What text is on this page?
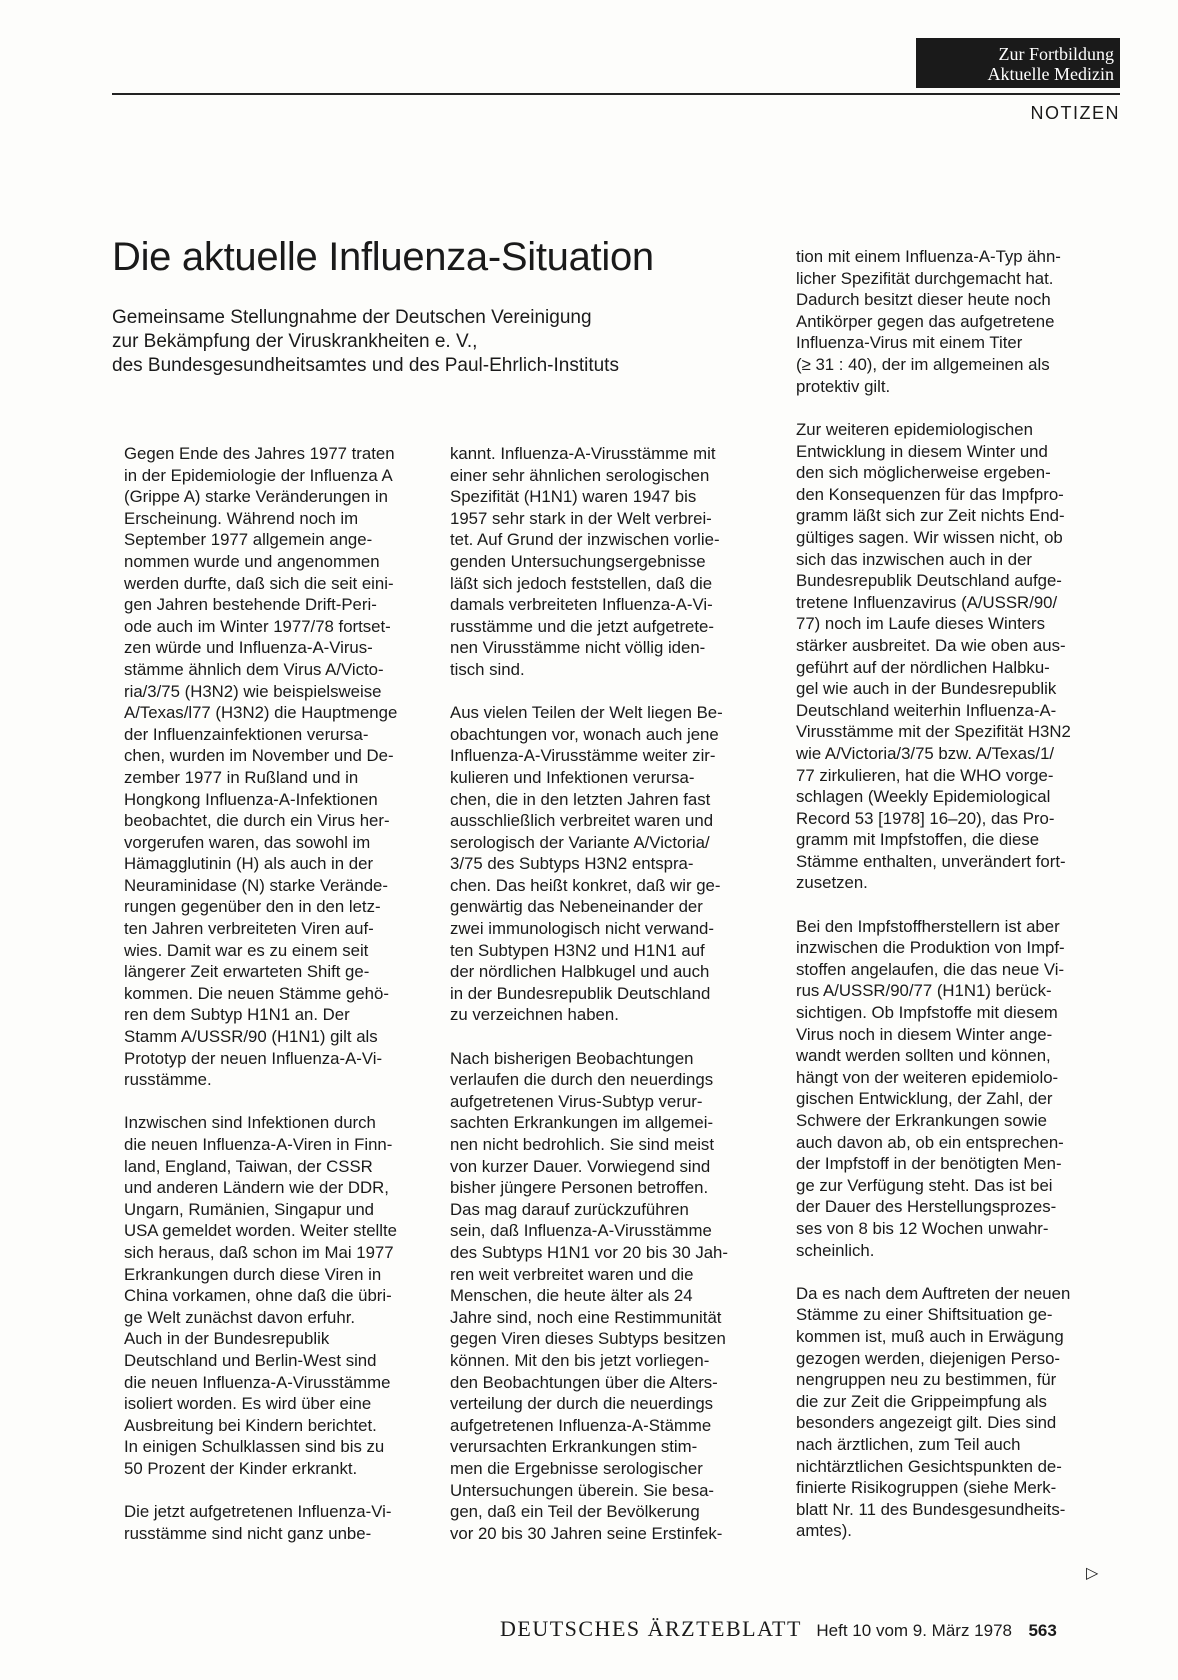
Zur Fortbildung
Aktuelle Medizin
NOTIZEN
Die aktuelle Influenza-Situation
Gemeinsame Stellungnahme der Deutschen Vereinigung
zur Bekämpfung der Viruskrankheiten e. V.,
des Bundesgesundheitsamtes und des Paul-Ehrlich-Instituts

Gegen Ende des Jahres 1977 traten
in der Epidemiologie der Influenza A
(Grippe A) starke Veränderungen in
Erscheinung. Während noch im
September 1977 allgemein ange-
nommen wurde und angenommen
werden durfte, daß sich die seit eini-
gen Jahren bestehende Drift-Peri-
ode auch im Winter 1977/78 fortset-
zen würde und Influenza-A-Virus-
stämme ähnlich dem Virus A/Victo-
ria/3/75 (H3N2) wie beispielsweise
A/Texas/l77 (H3N2) die Hauptmenge
der Influenzainfektionen verursa-
chen, wurden im November und De-
zember 1977 in Rußland und in
Hongkong Influenza-A-Infektionen
beobachtet, die durch ein Virus her-
vorgerufen waren, das sowohl im
Hämagglutinin (H) als auch in der
Neuraminidase (N) starke Verände-
rungen gegenüber den in den letz-
ten Jahren verbreiteten Viren auf-
wies. Damit war es zu einem seit
längerer Zeit erwarteten Shift ge-
kommen. Die neuen Stämme gehö-
ren dem Subtyp H1N1 an. Der
Stamm A/USSR/90 (H1N1) gilt als
Prototyp der neuen Influenza-A-Vi-
russtämme.

Inzwischen sind Infektionen durch
die neuen Influenza-A-Viren in Finn-
land, England, Taiwan, der CSSR
und anderen Ländern wie der DDR,
Ungarn, Rumänien, Singapur und
USA gemeldet worden. Weiter stellte
sich heraus, daß schon im Mai 1977
Erkrankungen durch diese Viren in
China vorkamen, ohne daß die übri-
ge Welt zunächst davon erfuhr.
Auch in der Bundesrepublik
Deutschland und Berlin-West sind
die neuen Influenza-A-Virusstämme
isoliert worden. Es wird über eine
Ausbreitung bei Kindern berichtet.
In einigen Schulklassen sind bis zu
50 Prozent der Kinder erkrankt.

Die jetzt aufgetretenen Influenza-Vi-
russtämme sind nicht ganz unbe-

kannt. Influenza-A-Virusstämme mit
einer sehr ähnlichen serologischen
Spezifität (H1N1) waren 1947 bis
1957 sehr stark in der Welt verbrei-
tet. Auf Grund der inzwischen vorlie-
genden Untersuchungsergebnisse
läßt sich jedoch feststellen, daß die
damals verbreiteten Influenza-A-Vi-
russtämme und die jetzt aufgetrete-
nen Virusstämme nicht völlig iden-
tisch sind.

Aus vielen Teilen der Welt liegen Be-
obachtungen vor, wonach auch jene
Influenza-A-Virusstämme weiter zir-
kulieren und Infektionen verursa-
chen, die in den letzten Jahren fast
ausschließlich verbreitet waren und
serologisch der Variante A/Victoria/
3/75 des Subtyps H3N2 entspra-
chen. Das heißt konkret, daß wir ge-
genwärtig das Nebeneinander der
zwei immunologisch nicht verwand-
ten Subtypen H3N2 und H1N1 auf
der nördlichen Halbkugel und auch
in der Bundesrepublik Deutschland
zu verzeichnen haben.

Nach bisherigen Beobachtungen
verlaufen die durch den neuerdings
aufgetretenen Virus-Subtyp verur-
sachten Erkrankungen im allgemei-
nen nicht bedrohlich. Sie sind meist
von kurzer Dauer. Vorwiegend sind
bisher jüngere Personen betroffen.
Das mag darauf zurückzuführen
sein, daß Influenza-A-Virusstämme
des Subtyps H1N1 vor 20 bis 30 Jah-
ren weit verbreitet waren und die
Menschen, die heute älter als 24
Jahre sind, noch eine Restimmunität
gegen Viren dieses Subtyps besitzen
können. Mit den bis jetzt vorliegen-
den Beobachtungen über die Alters-
verteilung der durch die neuerdings
aufgetretenen Influenza-A-Stämme
verursachten Erkrankungen stim-
men die Ergebnisse serologischer
Untersuchungen überein. Sie besa-
gen, daß ein Teil der Bevölkerung
vor 20 bis 30 Jahren seine Erstinfek-

tion mit einem Influenza-A-Typ ähn-
licher Spezifität durchgemacht hat.
Dadurch besitzt dieser heute noch
Antikörper gegen das aufgetretene
Influenza-Virus mit einem Titer
(≥ 31 : 40), der im allgemeinen als
protektiv gilt.

Zur weiteren epidemiologischen
Entwicklung in diesem Winter und
den sich möglicherweise ergeben-
den Konsequenzen für das Impfpro-
gramm läßt sich zur Zeit nichts End-
gültiges sagen. Wir wissen nicht, ob
sich das inzwischen auch in der
Bundesrepublik Deutschland aufge-
tretene Influenzavirus (A/USSR/90/
77) noch im Laufe dieses Winters
stärker ausbreitet. Da wie oben aus-
geführt auf der nördlichen Halbku-
gel wie auch in der Bundesrepublik
Deutschland weiterhin Influenza-A-
Virusstämme mit der Spezifität H3N2
wie A/Victoria/3/75 bzw. A/Texas/1/
77 zirkulieren, hat die WHO vorge-
schlagen (Weekly Epidemiological
Record 53 [1978] 16–20), das Pro-
gramm mit Impfstoffen, die diese
Stämme enthalten, unverändert fort-
zusetzen.

Bei den Impfstoffherstellern ist aber
inzwischen die Produktion von Impf-
stoffen angelaufen, die das neue Vi-
rus A/USSR/90/77 (H1N1) berück-
sichtigen. Ob Impfstoffe mit diesem
Virus noch in diesem Winter ange-
wandt werden sollten und können,
hängt von der weiteren epidemiolo-
gischen Entwicklung, der Zahl, der
Schwere der Erkrankungen sowie
auch davon ab, ob ein entsprechen-
der Impfstoff in der benötigten Men-
ge zur Verfügung steht. Das ist bei
der Dauer des Herstellungsprozes-
ses von 8 bis 12 Wochen unwahr-
scheinlich.

Da es nach dem Auftreten der neuen
Stämme zu einer Shiftsituation ge-
kommen ist, muß auch in Erwägung
gezogen werden, diejenigen Perso-
nengruppen neu zu bestimmen, für
die zur Zeit die Grippeimpfung als
besonders angezeigt gilt. Dies sind
nach ärztlichen, zum Teil auch
nichtärztlichen Gesichtspunkten de-
finierte Risikogruppen (siehe Merk-
blatt Nr. 11 des Bundesgesundheits-
amtes).

▷
DEUTSCHES ÄRZTEBLATT Heft 10 vom 9. März 1978 563
